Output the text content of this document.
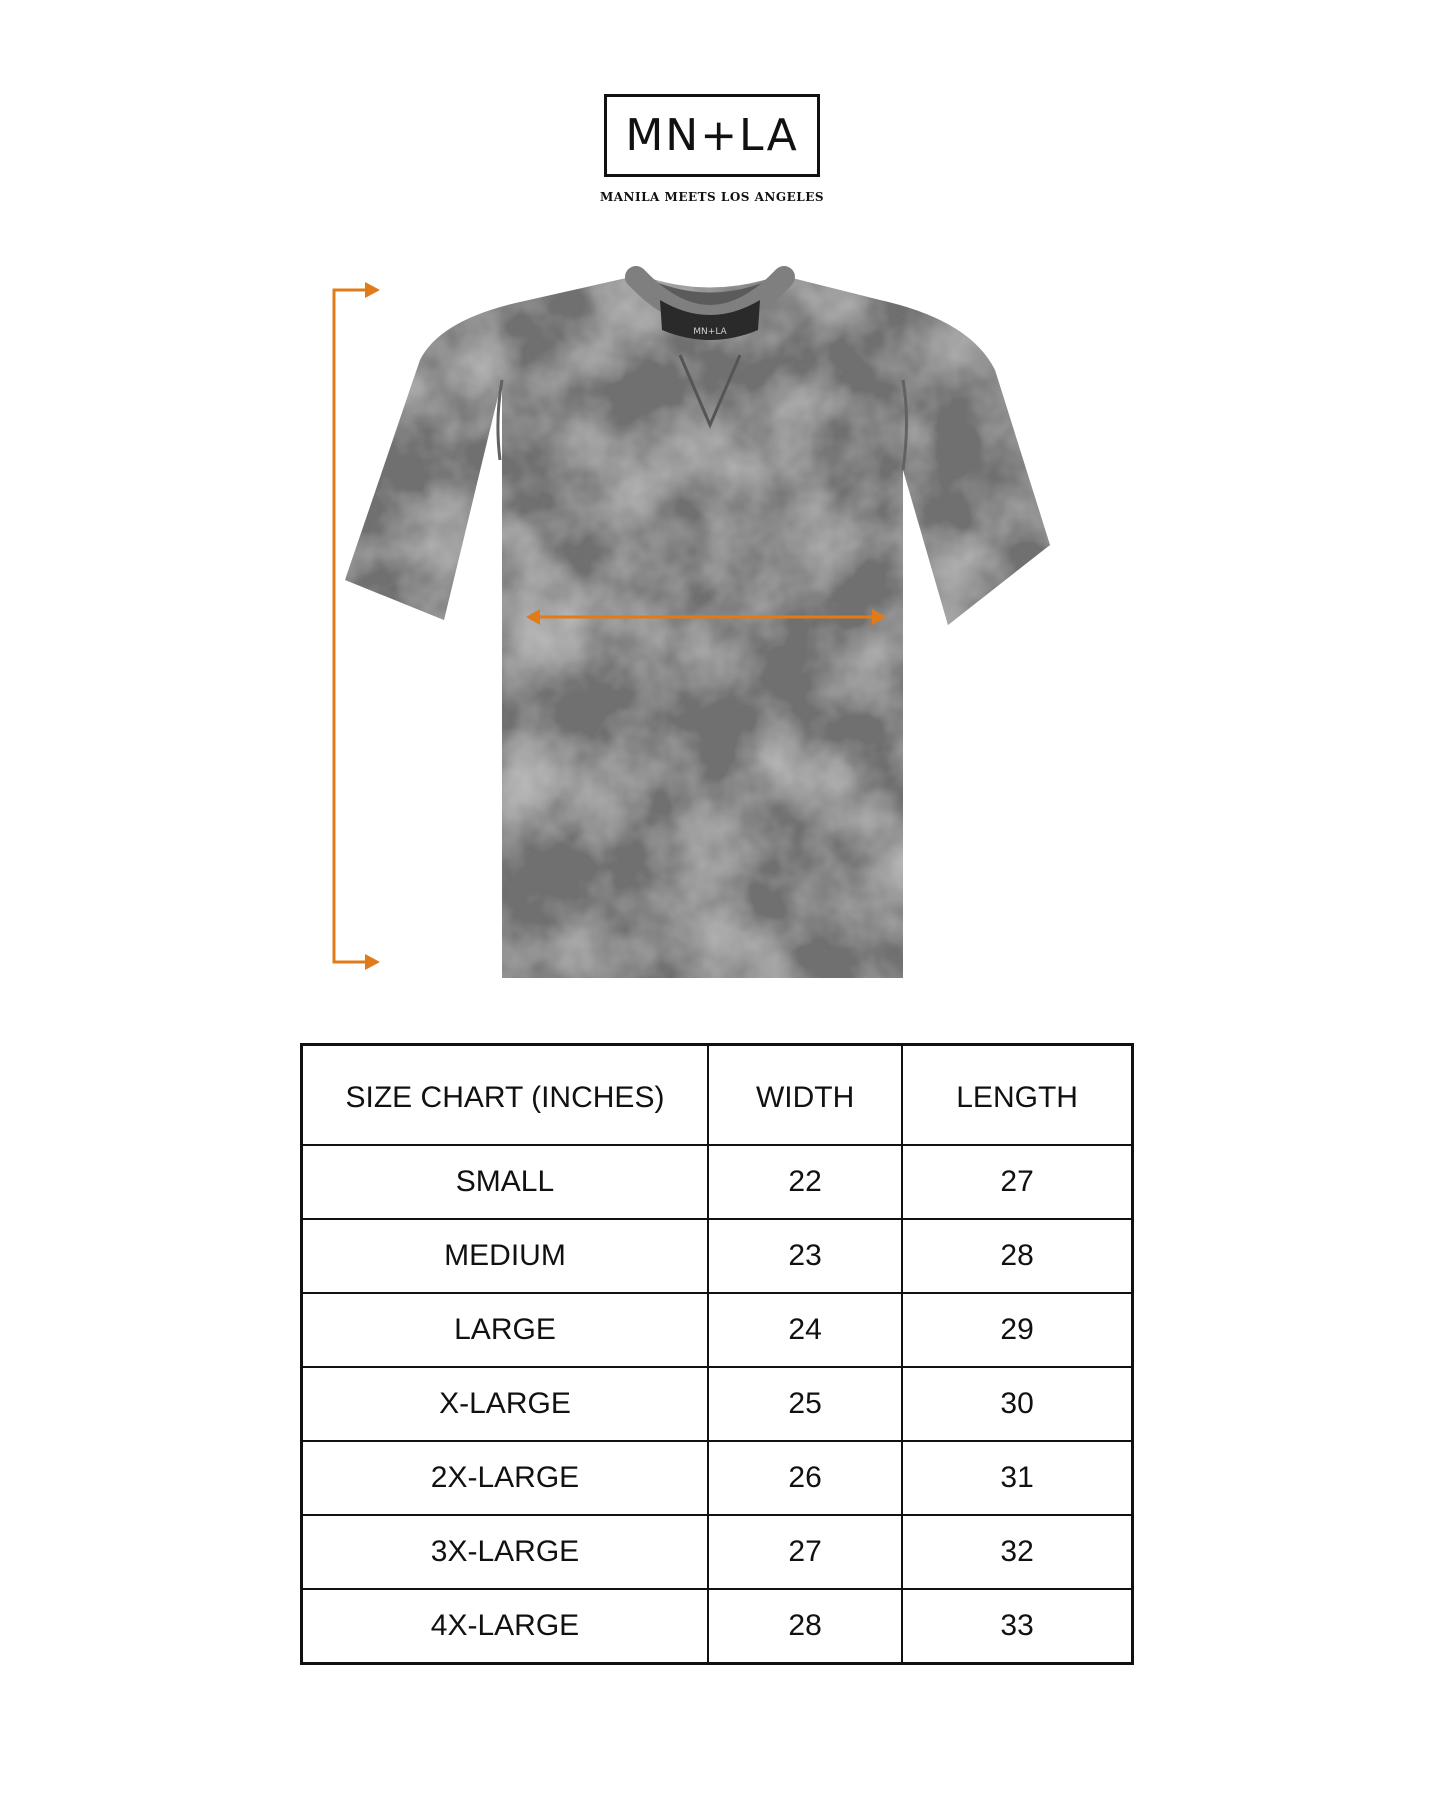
MN+LA
MANILA MEETS LOS ANGELES
MN+LA
SIZE CHART (INCHES)	WIDTH	LENGTH
SMALL	22	27
MEDIUM	23	28
LARGE	24	29
X-LARGE	25	30
2X-LARGE	26	31
3X-LARGE	27	32
4X-LARGE	28	33
